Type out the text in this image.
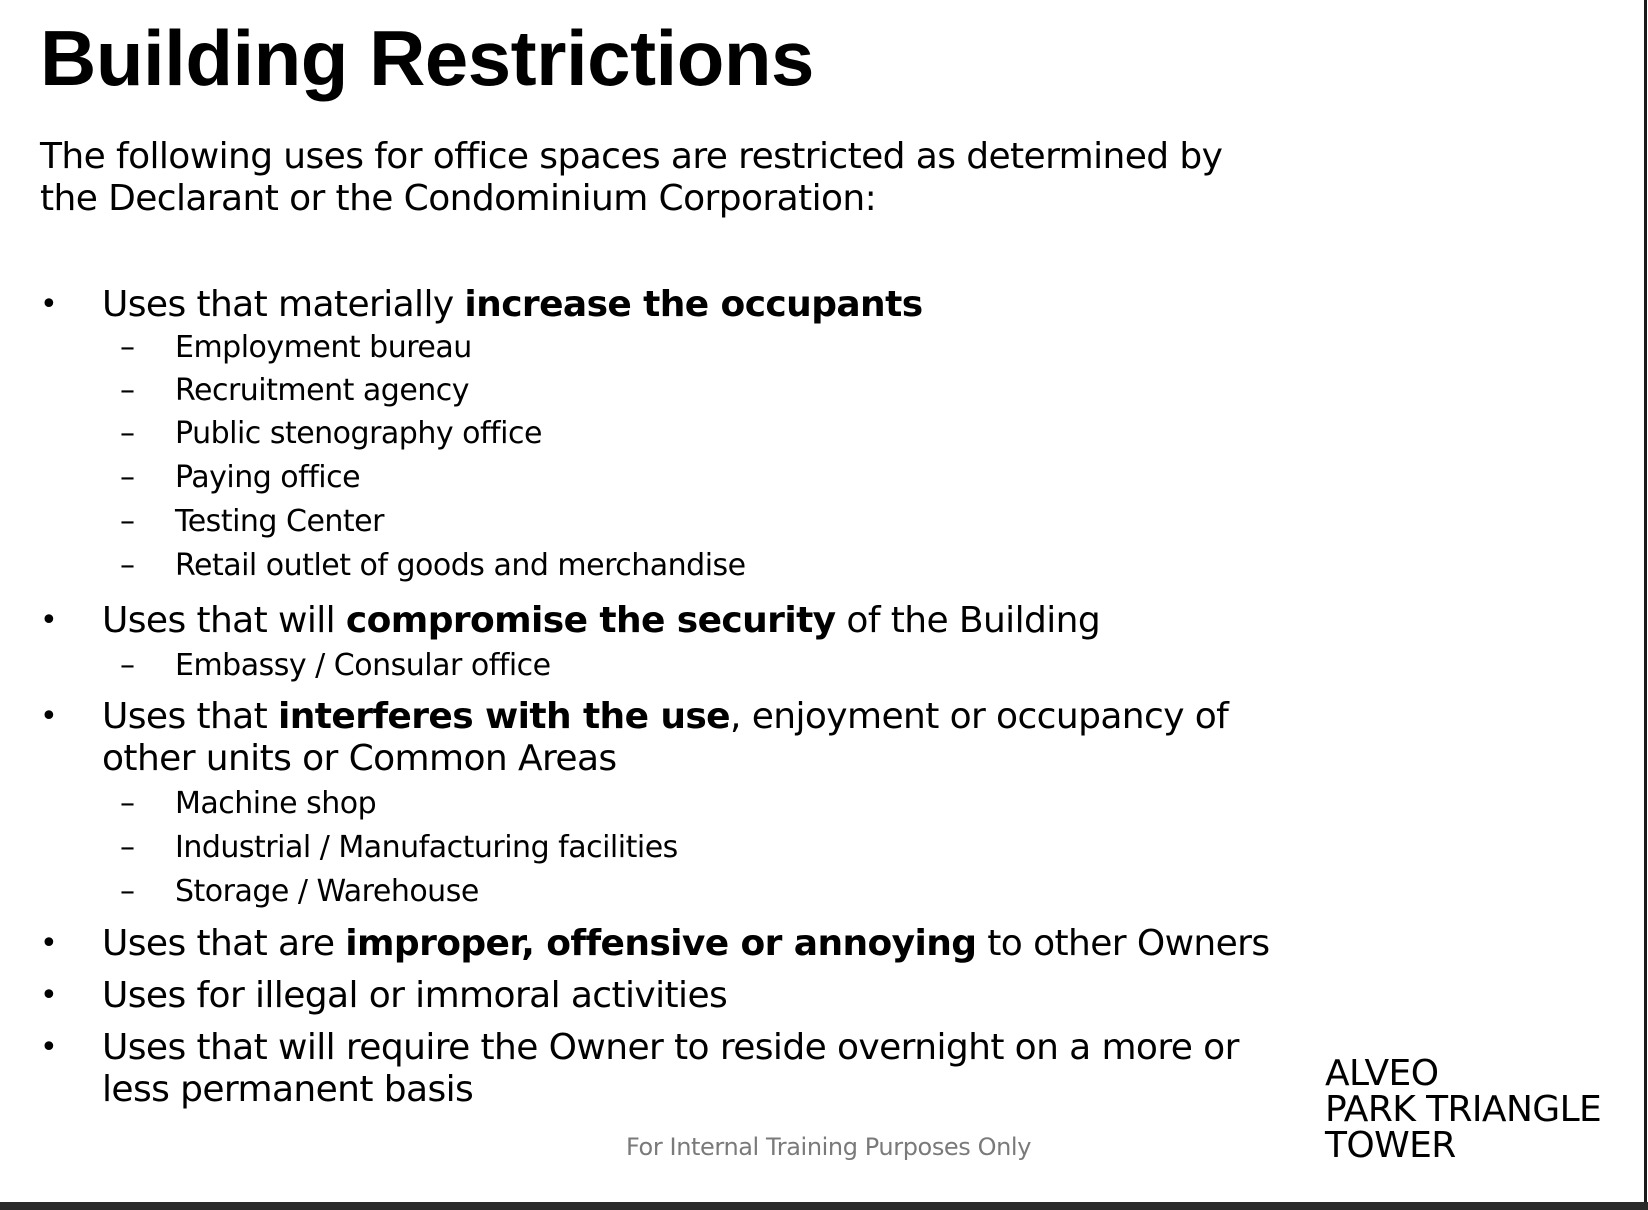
Building Restrictions

The following uses for office spaces are restricted as determined by the Declarant or the Condominium Corporation:

• Uses that materially increase the occupants
– Employment bureau
– Recruitment agency
– Public stenography office
– Paying office
– Testing Center
– Retail outlet of goods and merchandise
• Uses that will compromise the security of the Building
– Embassy / Consular office
• Uses that interferes with the use, enjoyment or occupancy of other units or Common Areas
– Machine shop
– Industrial / Manufacturing facilities
– Storage / Warehouse
• Uses that are improper, offensive or annoying to other Owners
• Uses for illegal or immoral activities
• Uses that will require the Owner to reside overnight on a more or less permanent basis
For Internal Training Purposes Only
ALVEO
PARK TRIANGLE
TOWER
